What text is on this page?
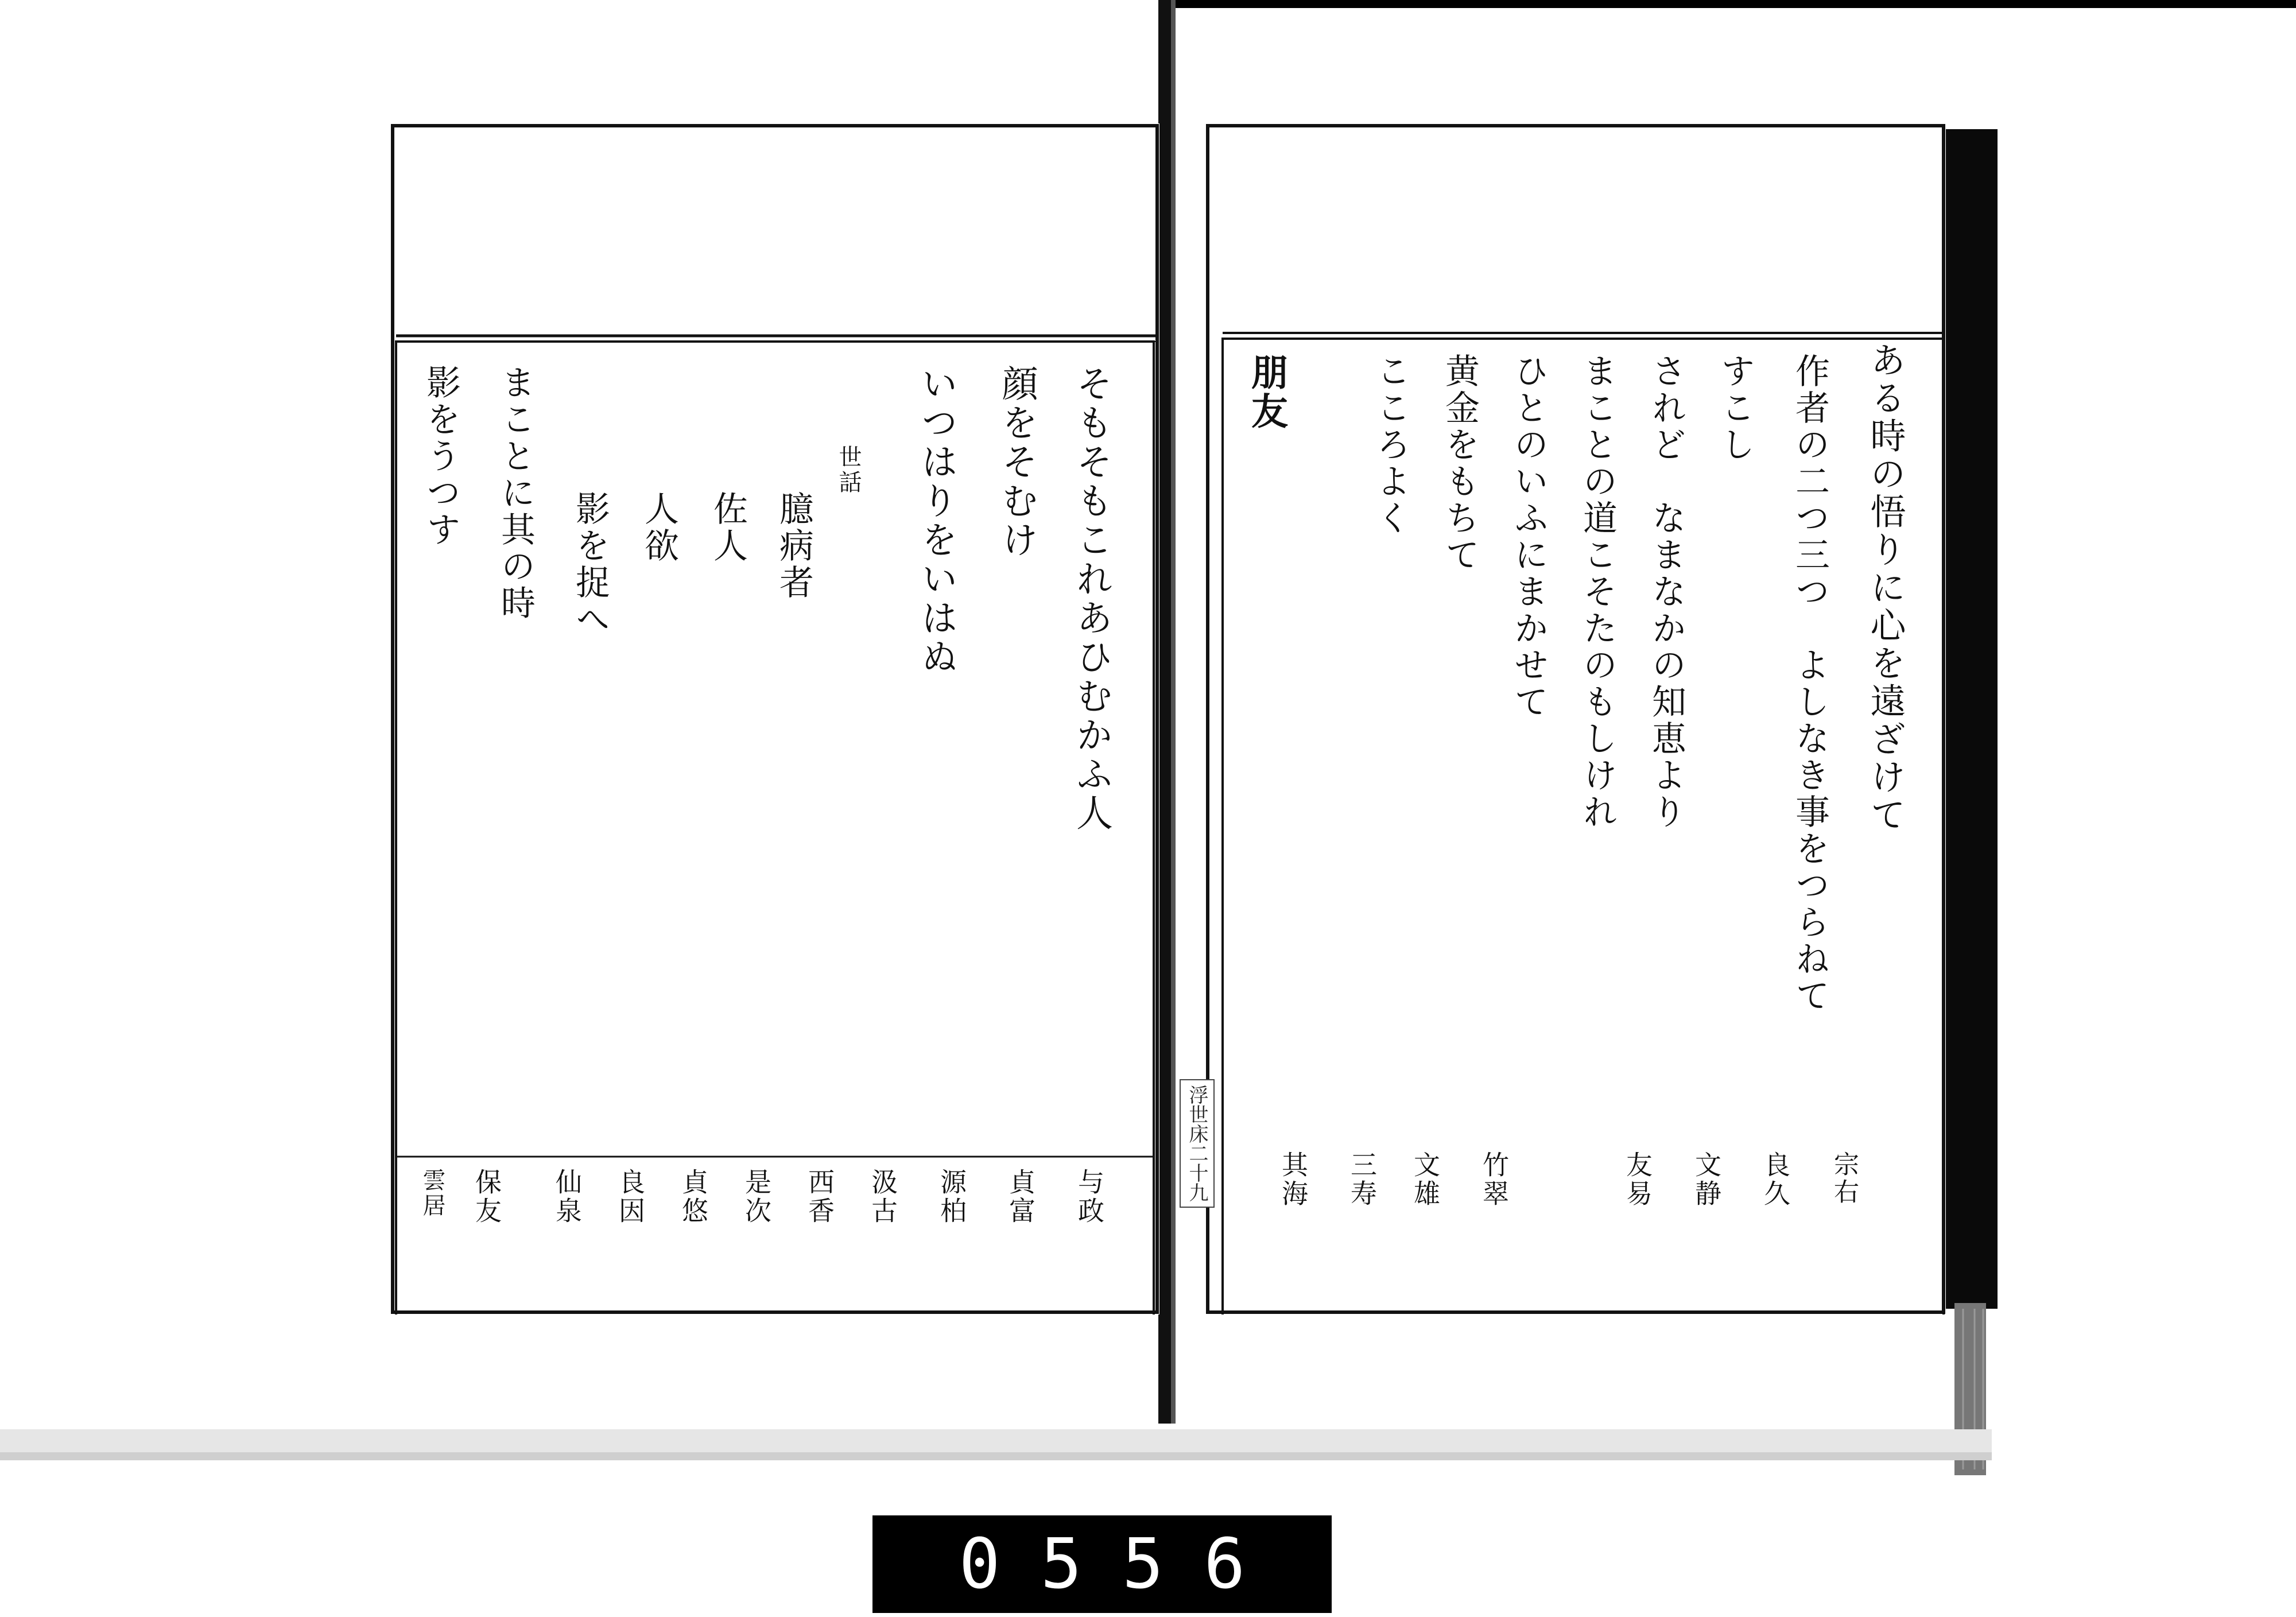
そもそもこれあひむかふ人
顔をそむけ
いつはりをいはぬ
世話
臆病者
佐人
人欲
影を捉へ
まことに其の時
影をうつす
与政
貞富
源柏
汲古
西香
是次
貞悠
良因
仙泉
保友
雲居
ある時の悟りに心を遠ざけて
作者の二つ三つ　よしなき事をつらねて
すこし
されど　なまなかの知恵より
まことの道こそたのもしけれ
ひとのいふにまかせて
黄金をもちて
こころよく
朋友
宗右
良久
文静
友易
竹翠
文雄
三寿
其海
浮世床二十九
0556
